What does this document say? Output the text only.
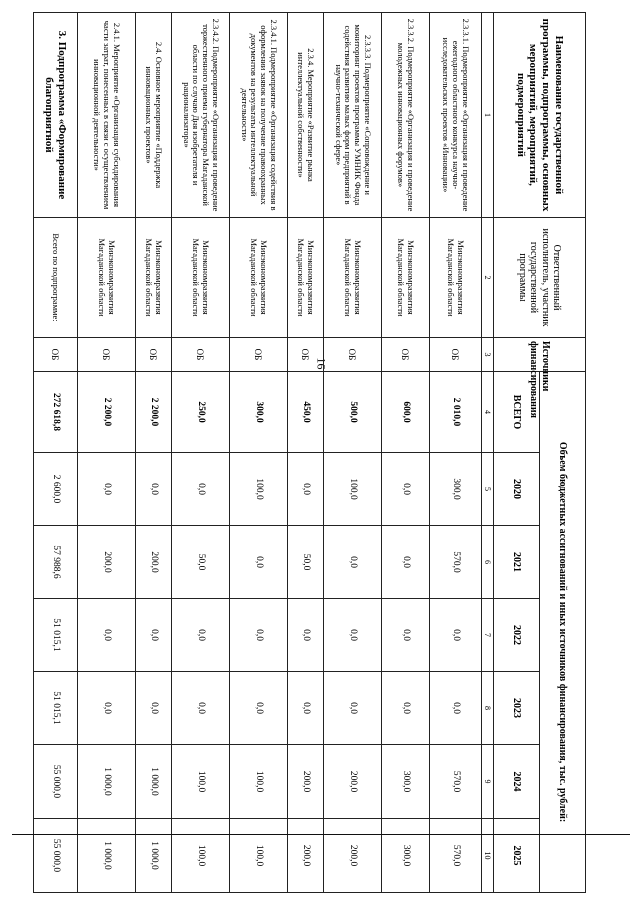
16
Наименование государственной программы, подпрограммы, основных мероприятий, мероприятий, подмероприятий	Ответственный исполнитель, участник государственной программы	Источники финансирования	Объем бюджетных ассигнований и иных источников финансирования, тыс. рублей:						
			ВСЕГО	2020	2021	2022	2023	2024	2025
1	2	3	4	5	6	7	8	9	10
2.3.3.1. Подмероприятие «Организация и проведение ежегодного областного конкурса научно-исследовательских проектов «Инновации»	Минэкономразвития Магаданской области	ОБ	2 010,0	300,0	570,0	0,0	0,0	570,0	570,0
2.3.3.2. Подмероприятие «Организация и проведение молодежных инновационных форумов»	Минэкономразвития Магаданской области	ОБ	600,0	0,0	0,0	0,0	0,0	300,0	300,0
2.3.3.3. Подмероприятие «Сопровождение и мониторинг проектов программы УМНИК Фонда содействия развитию малых форм предприятий в научно-технической сфере»	Минэкономразвития Магаданской области	ОБ	500,0	100,0	0,0	0,0	0,0	200,0	200,0
2.3.4. Мероприятие «Развитие рынка интеллектуальной собственности»	Минэкономразвития Магаданской области	ОБ	450,0	0,0	50,0	0,0	0,0	200,0	200,0
2.3.4.1. Подмероприятие «Организация содействия в оформлении заявок на получение правоохранных документов на результаты интеллектуальной деятельности»	Минэкономразвития Магаданской области	ОБ	300,0	100,0	0,0	0,0	0,0	100,0	100,0
2.3.4.2. Подмероприятие «Организация и проведение торжественного приема губернатора Магаданской области по случаю Дня изобретателя и рационализатора»	Минэкономразвития Магаданской области	ОБ	250,0	0,0	50,0	0,0	0,0	100,0	100,0
2.4. Основное мероприятие «Поддержка инновационных проектов»	Минэкономразвития Магаданской области	ОБ	2 200,0	0,0	200,0	0,0	0,0	1 000,0	1 000,0
2.4.1. Мероприятие «Организация субсидирования части затрат, понесенных в связи с осуществлением инновационной деятельности»	Минэкономразвития Магаданской области	ОБ	2 200,0	0,0	200,0	0,0	0,0	1 000,0	1 000,0
3. Подпрограмма «Формирование благоприятной	Всего по подпрограмме:	ОБ	272 618,8	2 600,0	57 988,6	51 015,1	51 015,1	55 000,0	55 000,0
